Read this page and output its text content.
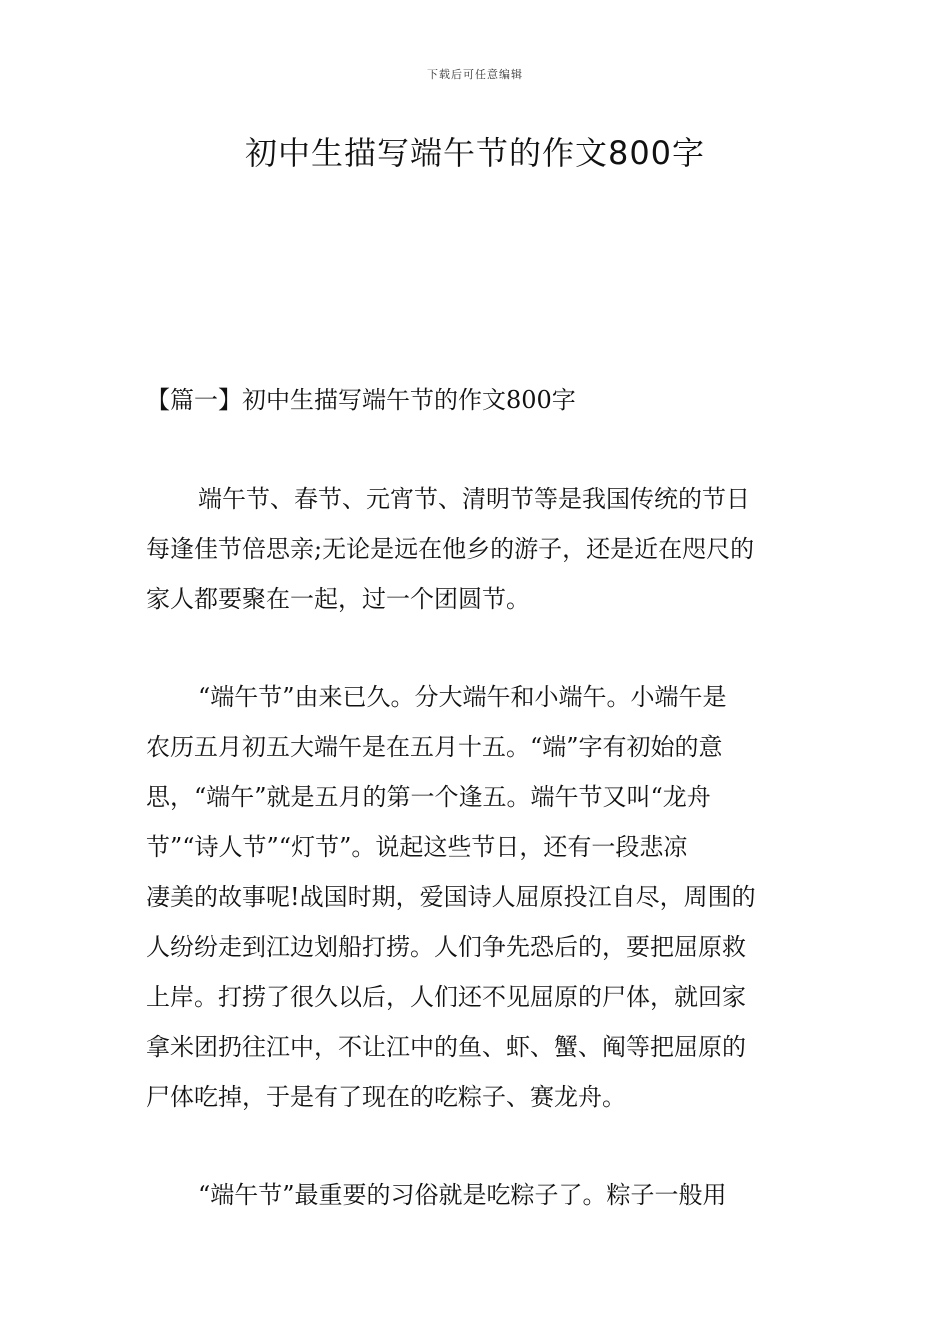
下载后可任意编辑
初中生描写端午节的作文800字
【篇一】初中生描写端午节的作文800字

端午节、春节、元宵节、清明节等是我国传统的节日
每逢佳节倍思亲;无论是远在他乡的游子，还是近在咫尺的
家人都要聚在一起，过一个团圆节。

“端午节”由来已久。分大端午和小端午。小端午是
农历五月初五大端午是在五月十五。“端”字有初始的意
思，“端午”就是五月的第一个逢五。端午节又叫“龙舟
节”“诗人节”“灯节”。说起这些节日，还有一段悲凉
凄美的故事呢!战国时期，爱国诗人屈原投江自尽，周围的
人纷纷走到江边划船打捞。人们争先恐后的，要把屈原救
上岸。打捞了很久以后，人们还不见屈原的尸体，就回家
拿米团扔往江中，不让江中的鱼、虾、蟹、阄等把屈原的
尸体吃掉，于是有了现在的吃粽子、赛龙舟。

“端午节”最重要的习俗就是吃粽子了。粽子一般用
